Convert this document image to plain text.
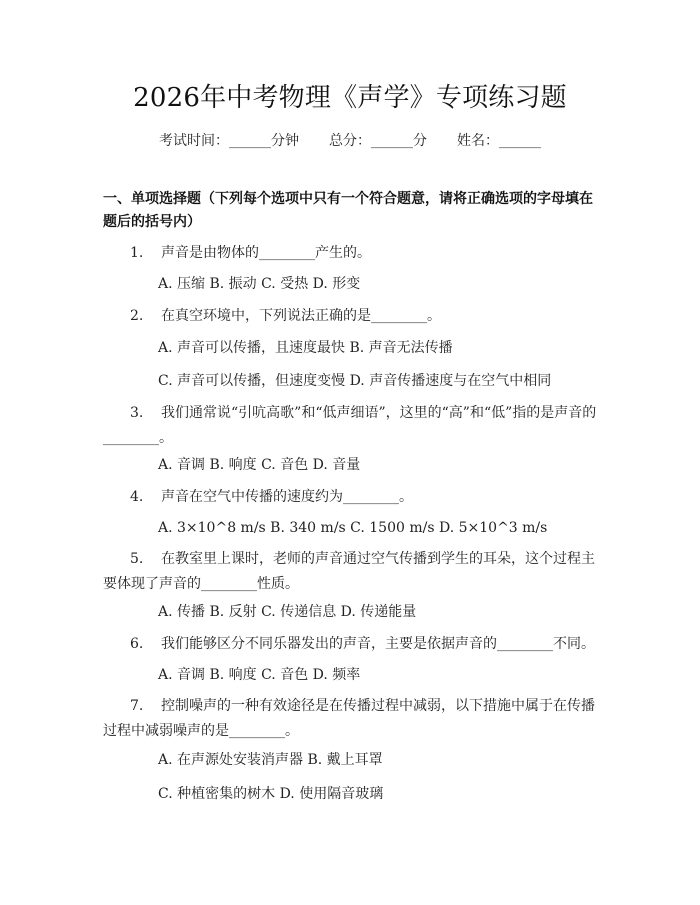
2026年中考物理《声学》专项练习题
考试时间：______分钟 总分：______分 姓名：______
一、单项选择题（下列每个选项中只有一个符合题意，请将正确选项的字母填在题后的括号内）
1. 声音是由物体的________产生的。
A. 压缩 B. 振动 C. 受热 D. 形变
2. 在真空环境中，下列说法正确的是________。
A. 声音可以传播，且速度最快 B. 声音无法传播
C. 声音可以传播，但速度变慢 D. 声音传播速度与在空气中相同
3. 我们通常说“引吭高歌”和“低声细语”，这里的“高”和“低”指的是声音的________。
A. 音调 B. 响度 C. 音色 D. 音量
4. 声音在空气中传播的速度约为________。
A. 3×10^8 m/s B. 340 m/s C. 1500 m/s D. 5×10^3 m/s
5. 在教室里上课时，老师的声音通过空气传播到学生的耳朵，这个过程主要体现了声音的________性质。
A. 传播 B. 反射 C. 传递信息 D. 传递能量
6. 我们能够区分不同乐器发出的声音，主要是依据声音的________不同。
A. 音调 B. 响度 C. 音色 D. 频率
7. 控制噪声的一种有效途径是在传播过程中减弱，以下措施中属于在传播过程中减弱噪声的是________。
A. 在声源处安装消声器 B. 戴上耳罩
C. 种植密集的树木 D. 使用隔音玻璃
